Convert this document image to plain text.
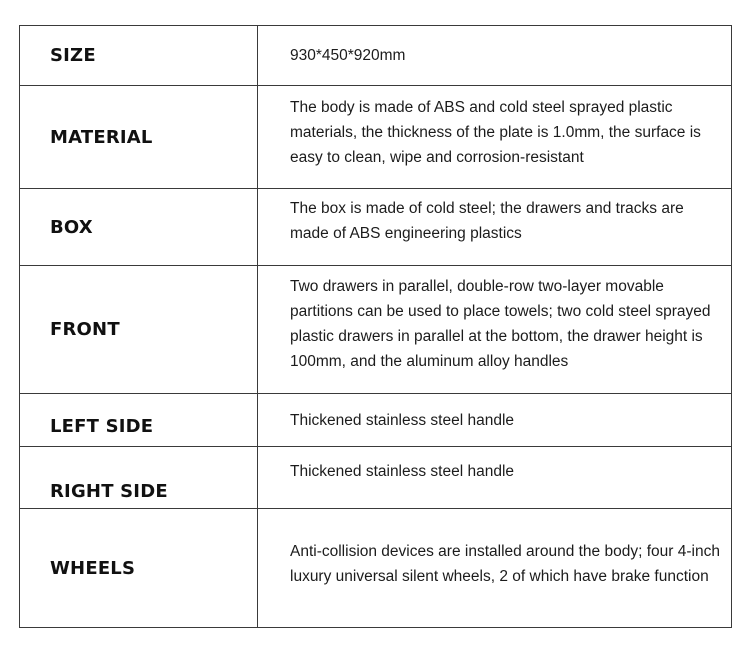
SIZE	930*450*920mm

MATERIAL	The body is made of ABS and cold steel sprayed plastic materials, the thickness of the plate is 1.0mm, the surface is easy to clean, wipe and corrosion-resistant

BOX	The box is made of cold steel; the drawers and tracks are made of ABS engineering plastics

FRONT	Two drawers in parallel, double-row two-layer movable partitions can be used to place towels; two cold steel sprayed plastic drawers in parallel at the bottom, the drawer height is 100mm, and the aluminum alloy handles

LEFT SIDE	Thickened stainless steel handle

RIGHT SIDE	Thickened stainless steel handle

WHEELS	Anti-collision devices are installed around the body; four 4-inch luxury universal silent wheels, 2 of which have brake function
